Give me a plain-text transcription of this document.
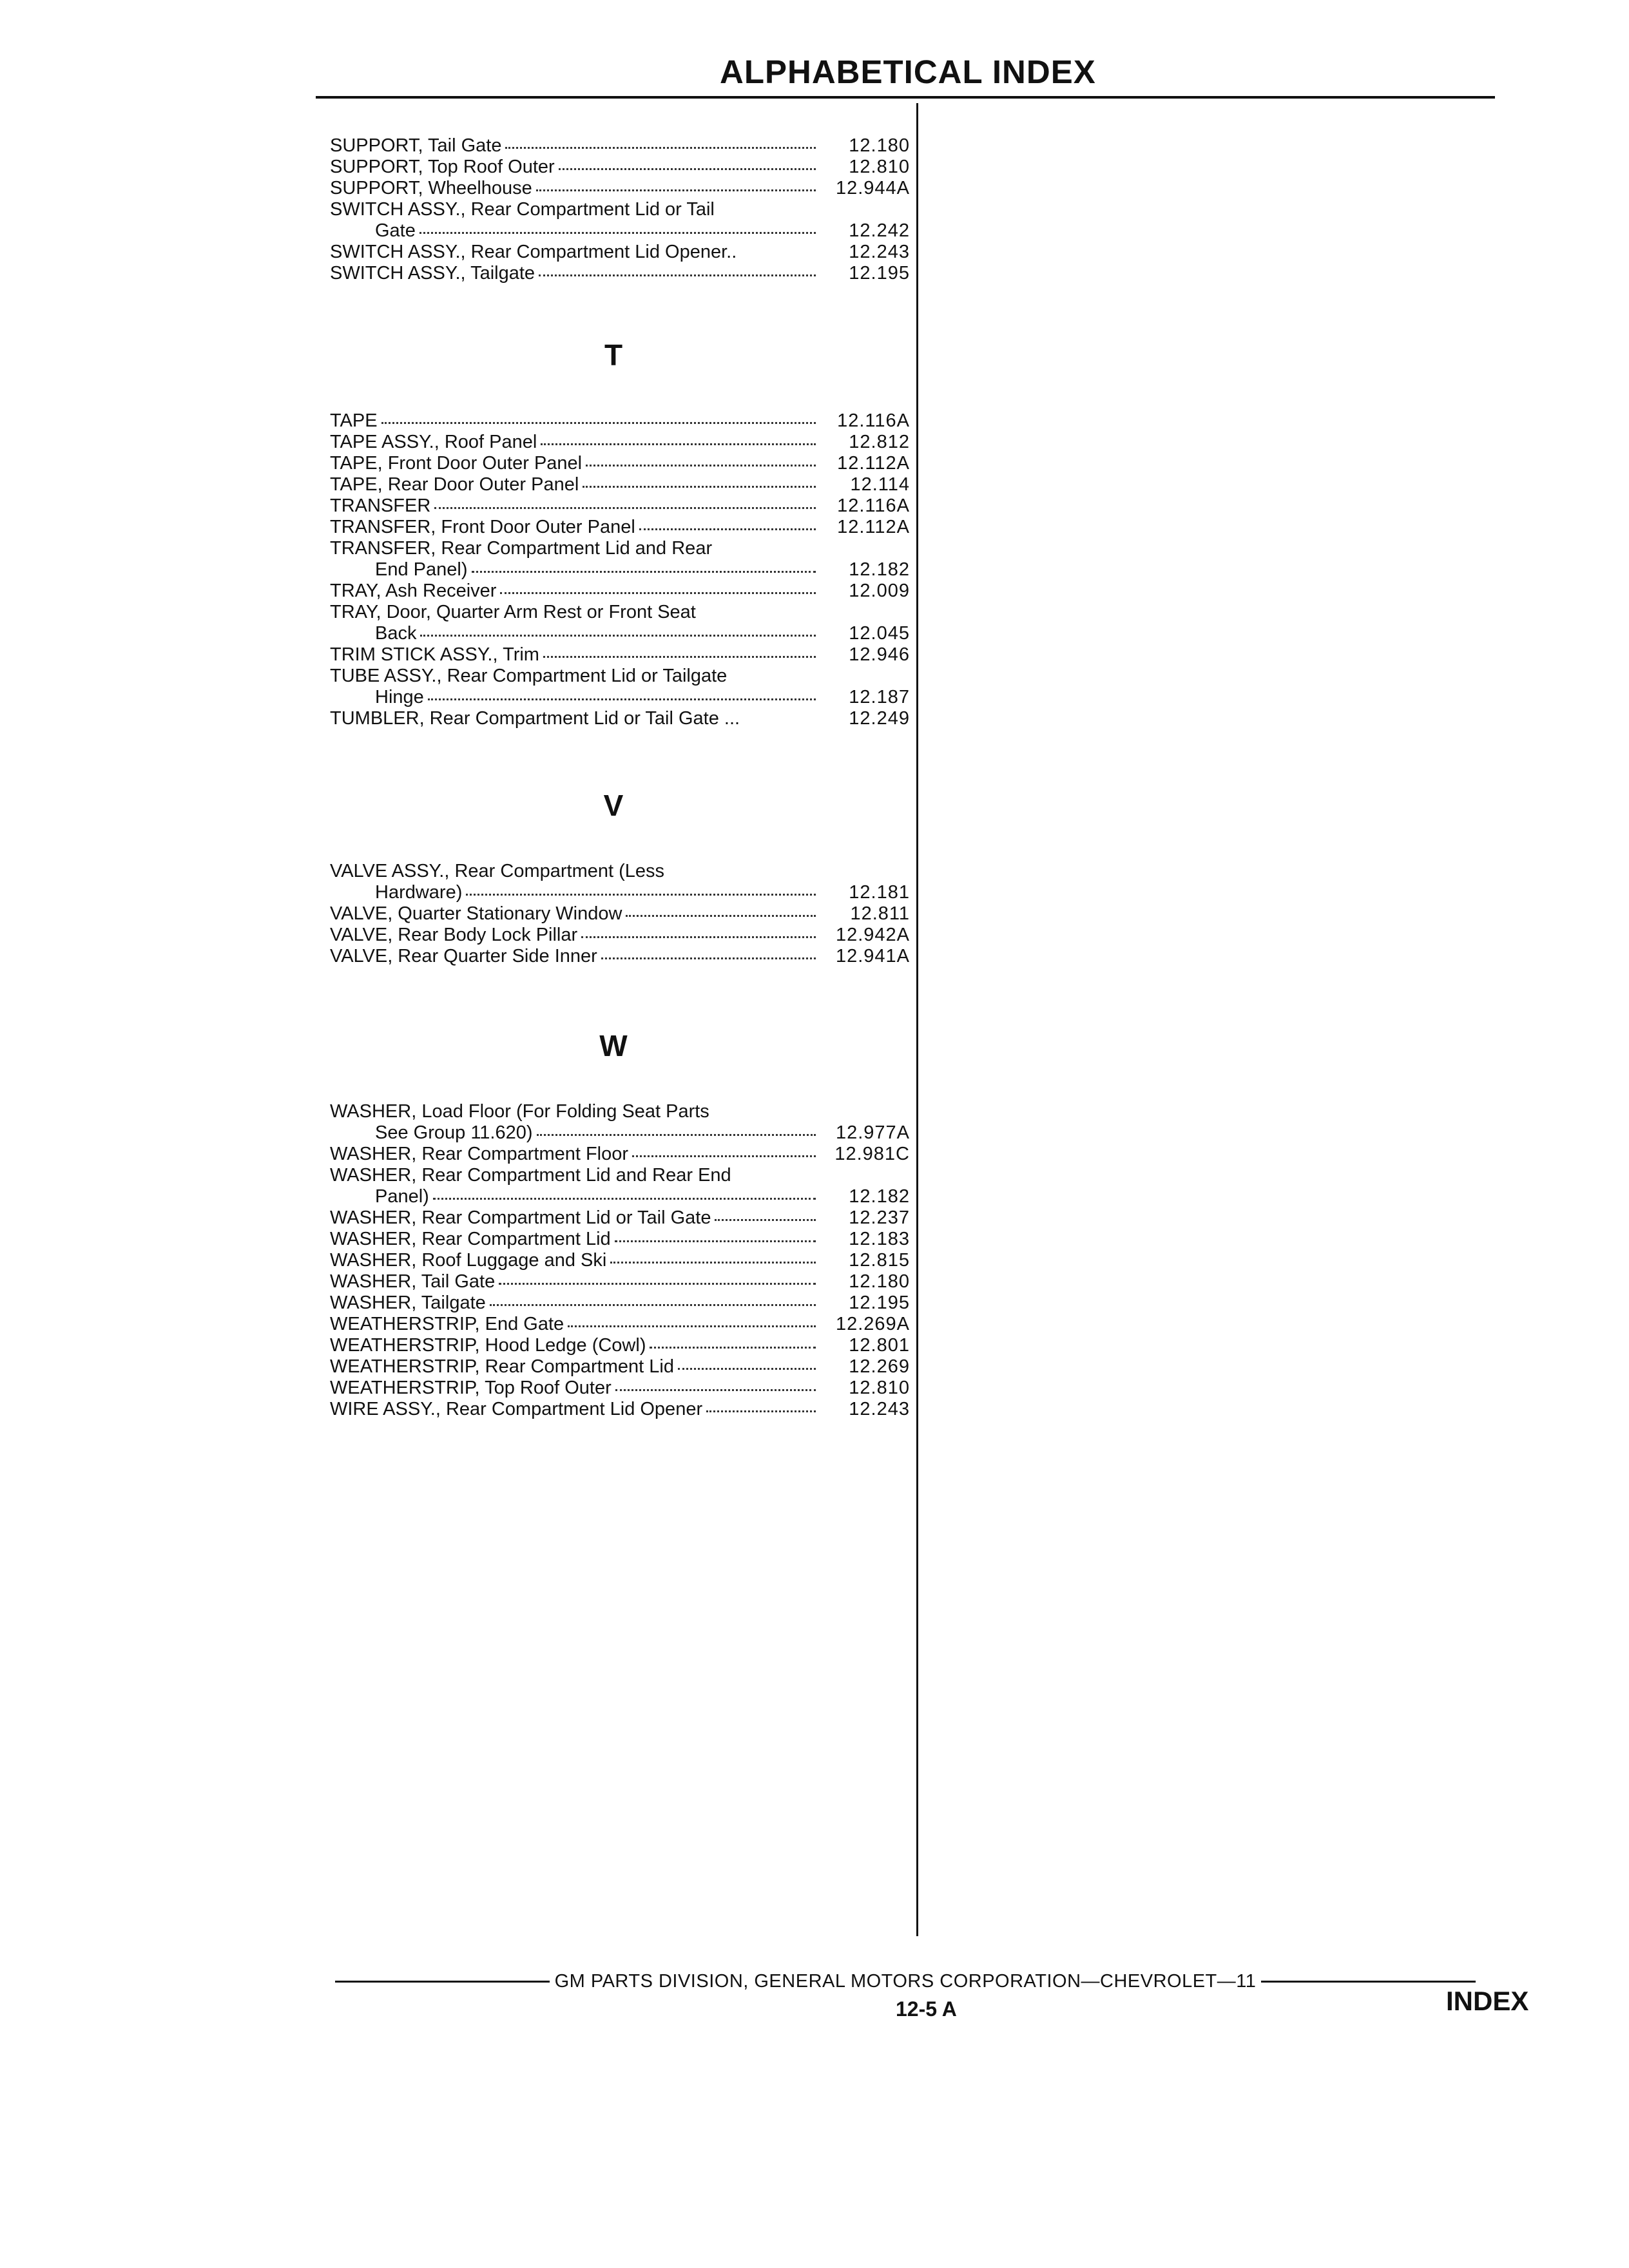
ALPHABETICAL INDEX
SUPPORT, Tail Gate	12.180
SUPPORT, Top Roof Outer	12.810
SUPPORT, Wheelhouse	12.944A
SWITCH ASSY., Rear Compartment Lid or Tail
Gate	12.242
SWITCH ASSY., Rear Compartment Lid Opener..	12.243
SWITCH ASSY., Tailgate	12.195
T
TAPE	12.116A
TAPE ASSY., Roof Panel	12.812
TAPE, Front Door Outer Panel	12.112A
TAPE, Rear Door Outer Panel	12.114
TRANSFER	12.116A
TRANSFER, Front Door Outer Panel	12.112A
TRANSFER, Rear Compartment Lid and Rear
End Panel)	12.182
TRAY, Ash Receiver	12.009
TRAY, Door, Quarter Arm Rest or Front Seat
Back	12.045
TRIM STICK ASSY., Trim	12.946
TUBE ASSY., Rear Compartment Lid or Tailgate
Hinge	12.187
TUMBLER, Rear Compartment Lid or Tail Gate ...	12.249
V
VALVE ASSY., Rear Compartment (Less
Hardware)	12.181
VALVE, Quarter Stationary Window	12.811
VALVE, Rear Body Lock Pillar	12.942A
VALVE, Rear Quarter Side Inner	12.941A
W
WASHER, Load Floor (For Folding Seat Parts
See Group 11.620)	12.977A
WASHER, Rear Compartment Floor	12.981C
WASHER, Rear Compartment Lid and Rear End
Panel)	12.182
WASHER, Rear Compartment Lid or Tail Gate	12.237
WASHER, Rear Compartment Lid	12.183
WASHER, Roof Luggage and Ski	12.815
WASHER, Tail Gate	12.180
WASHER, Tailgate	12.195
WEATHERSTRIP, End Gate	12.269A
WEATHERSTRIP, Hood Ledge (Cowl)	12.801
WEATHERSTRIP, Rear Compartment Lid	12.269
WEATHERSTRIP, Top Roof Outer	12.810
WIRE ASSY., Rear Compartment Lid Opener	12.243
GM PARTS DIVISION, GENERAL MOTORS CORPORATION—CHEVROLET—11
12-5 A	INDEX
